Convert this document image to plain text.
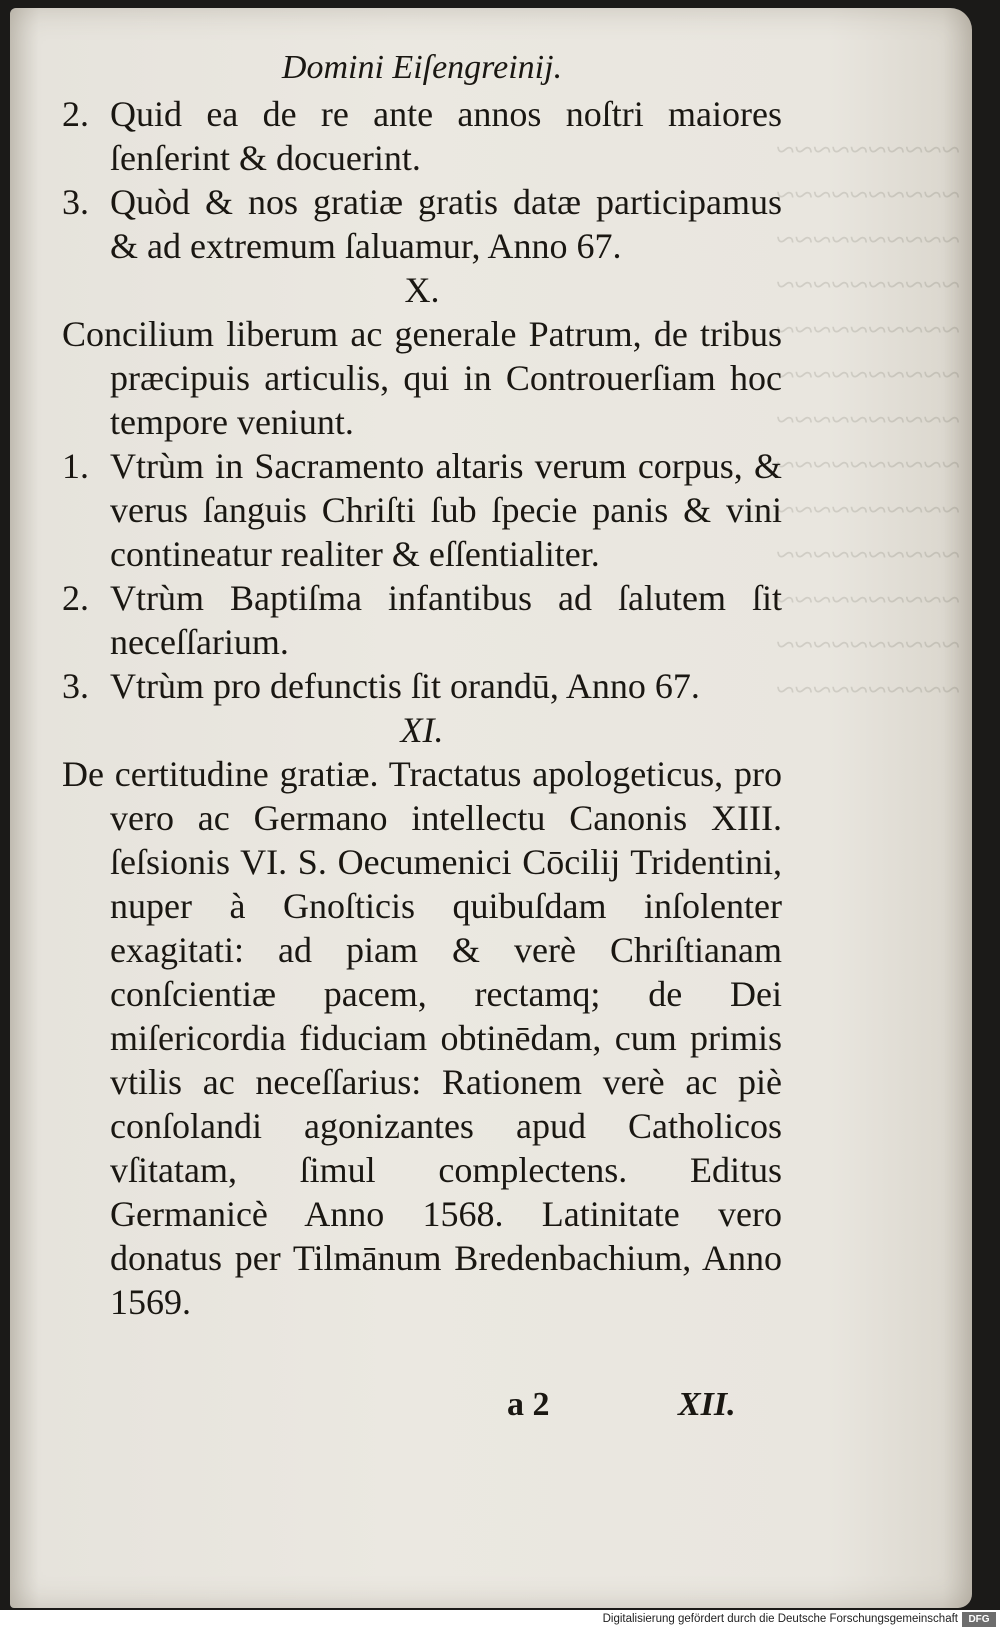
~~~~~~~~~~
~~~~~~~~~~
~~~~~~~~~~
~~~~~~~~~~
~~~~~~~~~~
~~~~~~~~~~
~~~~~~~~~~
~~~~~~~~~~
~~~~~~~~~~
~~~~~~~~~~
~~~~~~~~~~
~~~~~~~~~~
~~~~~~~~~~
Domini Eiſengreinij.
2. Quid ea de re ante annos noſtri maiores ſenſerint & docuerint.
3. Quòd & nos gratiæ gratis datæ participamus & ad extremum ſaluamur, Anno 67.
X.
Concilium liberum ac generale Patrum, de tribus præcipuis articulis, qui in Controuerſiam hoc tempore veniunt.
1. Vtrùm in Sacramento altaris verum corpus, & verus ſanguis Chriſti ſub ſpecie panis & vini contineatur realiter & eſſentialiter.
2. Vtrùm Baptiſma infantibus ad ſalutem ſit neceſſarium.
3. Vtrùm pro defunctis ſit orandū, Anno 67.
XI.
De certitudine gratiæ. Tractatus apologeticus, pro vero ac Germano intellectu Canonis XIII. ſeſsionis VI. S. Oecumenici Cōcilij Tridentini, nuper à Gnoſticis quibuſdam inſolenter exagitati: ad piam & verè Chriſtianam conſcientiæ pacem, rectamq; de Dei miſericordia fiduciam obtinēdam, cum primis vtilis ac neceſſarius: Rationem verè ac piè conſolandi agonizantes apud Catholicos vſitatam, ſimul complectens. Editus Germanicè Anno 1568. Latinitate vero donatus per Tilmānum Bredenbachium, Anno 1569.
a 2	XII.
Digitalisierung gefördert durch die Deutsche Forschungsgemeinschaft	DFG
